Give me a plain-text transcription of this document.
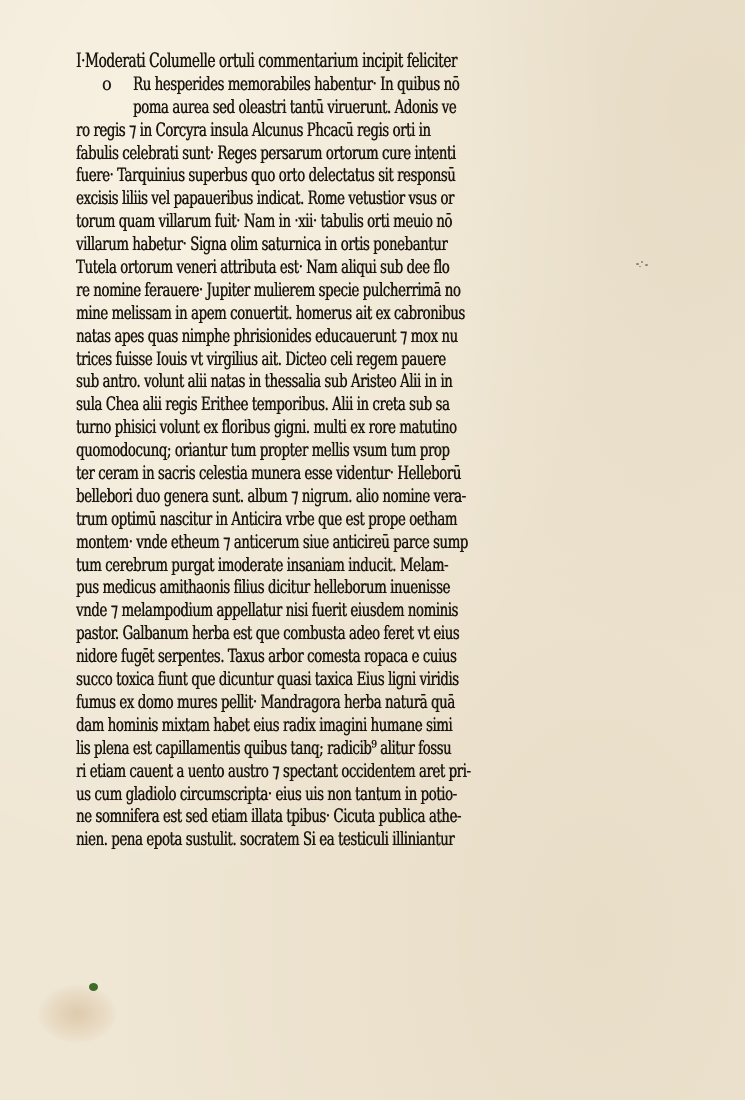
o
I·Moderati Columelle ortuli commentarium incipit feliciter
Ru hesperides memorabiles habentur· In quibus nō
poma aurea sed oleastri tantū viruerunt. Adonis ve
ro regis ⁊ in Corcyra insula Alcunus Phcacū regis orti in
fabulis celebrati sunt· Reges persarum ortorum cure intenti
fuere· Tarquinius superbus quo orto delectatus sit responsū
excisis liliis vel papaueribus indicat. Rome vetustior vsus or
torum quam villarum fuit· Nam in ·xii· tabulis orti meuio nō
villarum habetur· Signa olim saturnica in ortis ponebantur
Tutela ortorum veneri attributa est· Nam aliqui sub dee flo
re nomine ferauere· Jupiter mulierem specie pulcherrimā no
mine melissam in apem conuertit. homerus ait ex cabronibus
natas apes quas nimphe phrisionides educauerunt ⁊ mox nu
trices fuisse Iouis vt virgilius ait. Dicteo celi regem pauere
sub antro. volunt alii natas in thessalia sub Aristeo Alii in in
sula Chea alii regis Erithee temporibus. Alii in creta sub sa
turno phisici volunt ex floribus gigni. multi ex rore matutino
quomodocunq; oriantur tum propter mellis vsum tum prop
ter ceram in sacris celestia munera esse videntur· Helleborū
bellebori duo genera sunt. album ⁊ nigrum. alio nomine vera-
trum optimū nascitur in Anticira vrbe que est prope oetham
montem· vnde etheum ⁊ anticerum siue anticireū parce sump
tum cerebrum purgat imoderate insaniam inducit. Melam-
pus medicus amithaonis filius dicitur helleborum inuenisse
vnde ⁊ melampodium appellatur nisi fuerit eiusdem nominis
pastor. Galbanum herba est que combusta adeo feret vt eius
nidore fugēt serpentes. Taxus arbor comesta ropaca e cuius
succo toxica fiunt que dicuntur quasi taxica Eius ligni viridis
fumus ex domo mures pellit· Mandragora herba naturā quā
dam hominis mixtam habet eius radix imagini humane simi
lis plena est capillamentis quibus tanq; radicib⁹ alitur fossu
ri etiam cauent a uento austro ⁊ spectant occidentem aret pri-
us cum gladiolo circumscripta· eius uis non tantum in potio-
ne somnifera est sed etiam illata tpibus· Cicuta publica athe-
nien. pena epota sustulit. socratem Si ea testiculi illiniantur
